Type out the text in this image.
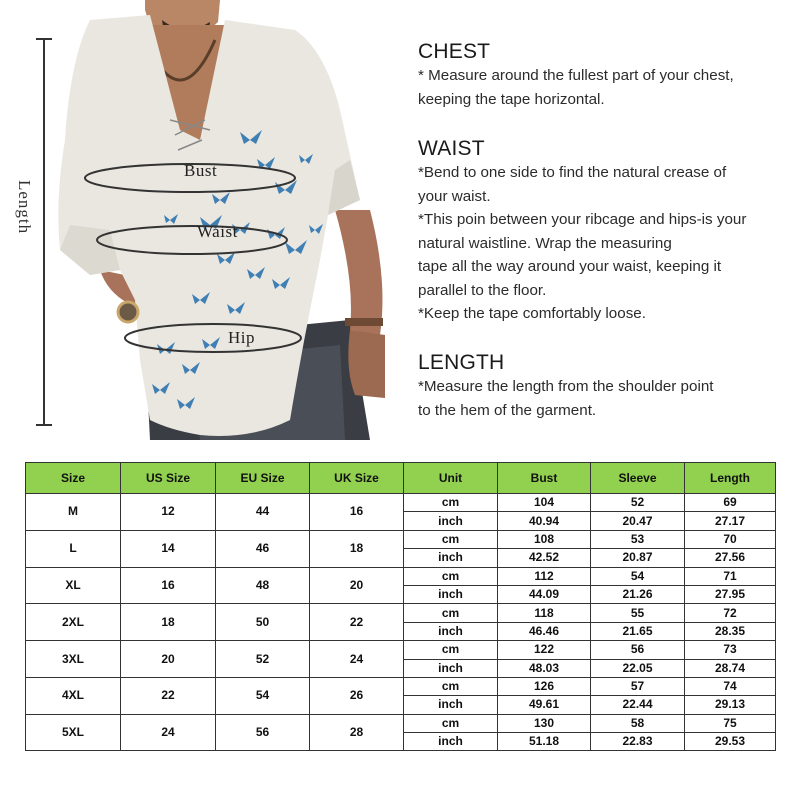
Length
Bust
Waist
Hip
CHEST

* Measure around the fullest part of your chest,

keeping the tape horizontal.

WAIST

*Bend to one side to find the natural crease of

your waist.

*This poin between your ribcage and hips-is your

natural waistline. Wrap the measuring

tape all the way around your waist, keeping it

parallel to the floor.

*Keep the tape comfortably loose.

LENGTH

*Measure the length from the shoulder point

to the hem of the garment.

Size	US Size	EU Size	UK Size	Unit	Bust	Sleeve	Length
M	12	44	16	cm	104	52	69
				inch	40.94	20.47	27.17
L	14	46	18	cm	108	53	70
				inch	42.52	20.87	27.56
XL	16	48	20	cm	112	54	71
				inch	44.09	21.26	27.95
2XL	18	50	22	cm	118	55	72
				inch	46.46	21.65	28.35
3XL	20	52	24	cm	122	56	73
				inch	48.03	22.05	28.74
4XL	22	54	26	cm	126	57	74
				inch	49.61	22.44	29.13
5XL	24	56	28	cm	130	58	75
				inch	51.18	22.83	29.53
